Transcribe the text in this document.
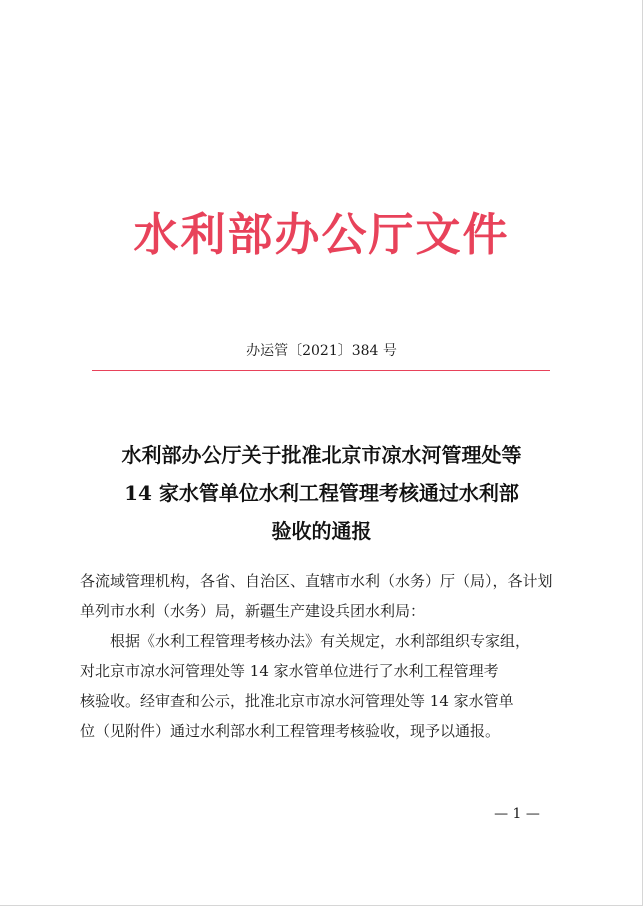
水利部办公厅文件
办运管〔2021〕384 号
水利部办公厅关于批准北京市凉水河管理处等
14 家水管单位水利工程管理考核通过水利部
验收的通报

各流域管理机构，各省、自治区、直辖市水利（水务）厅（局），各计划

单列市水利（水务）局，新疆生产建设兵团水利局：

根据《水利工程管理考核办法》有关规定，水利部组织专家组，

对北京市凉水河管理处等 14 家水管单位进行了水利工程管理考

核验收。经审查和公示，批准北京市凉水河管理处等 14 家水管单

位（见附件）通过水利部水利工程管理考核验收，现予以通报。

— 1 —
